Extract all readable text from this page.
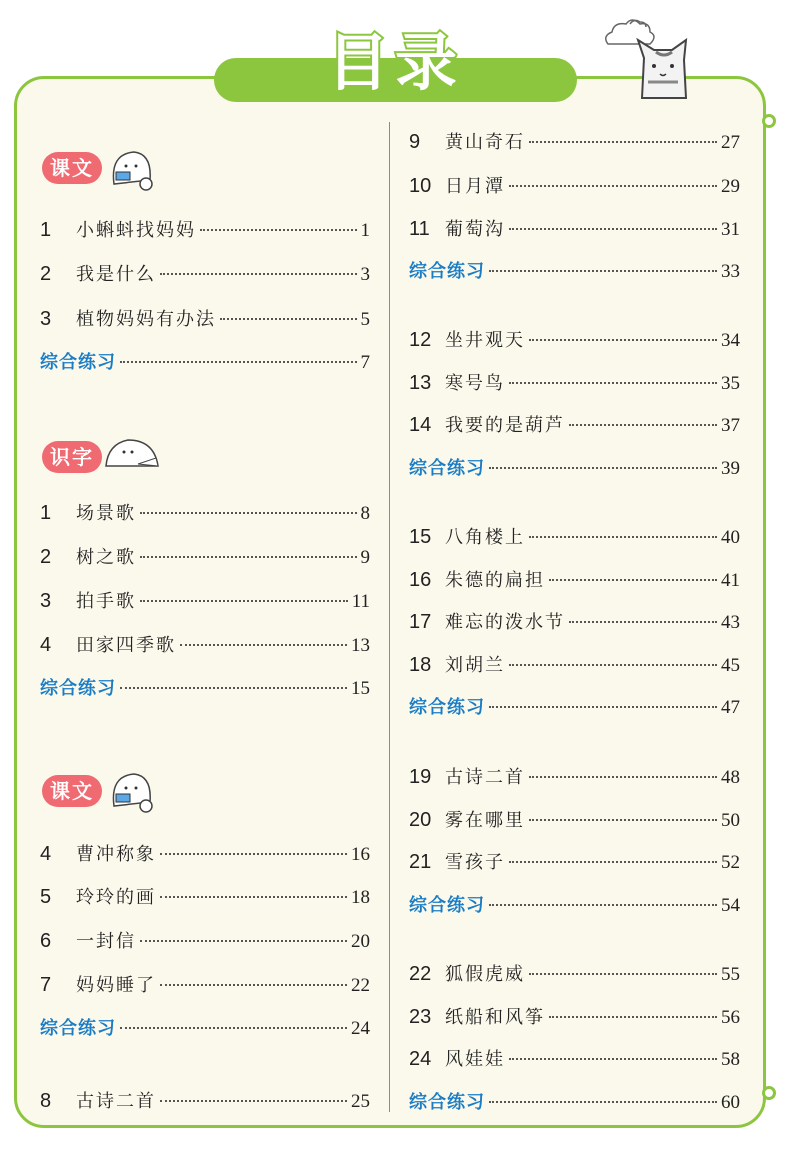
目录
课文
识字
课文
1	小蝌蚪找妈妈	1
2	我是什么	3
3	植物妈妈有办法	5
综合练习	7
1	场景歌	8
2	树之歌	9
3	拍手歌	11
4	田家四季歌	13
综合练习	15
4	曹冲称象	16
5	玲玲的画	18
6	一封信	20
7	妈妈睡了	22
综合练习	24
8	古诗二首	25
9	黄山奇石	27
10 日月潭	29
11 葡萄沟	31
综合练习	33
12 坐井观天	34
13 寒号鸟	35
14 我要的是葫芦	37
综合练习	39
15 八角楼上	40
16 朱德的扁担	41
17 难忘的泼水节	43
18 刘胡兰	45
综合练习	47
19 古诗二首	48
20 雾在哪里	50
21 雪孩子	52
综合练习	54
22 狐假虎威	55
23 纸船和风筝	56
24 风娃娃	58
综合练习	60
